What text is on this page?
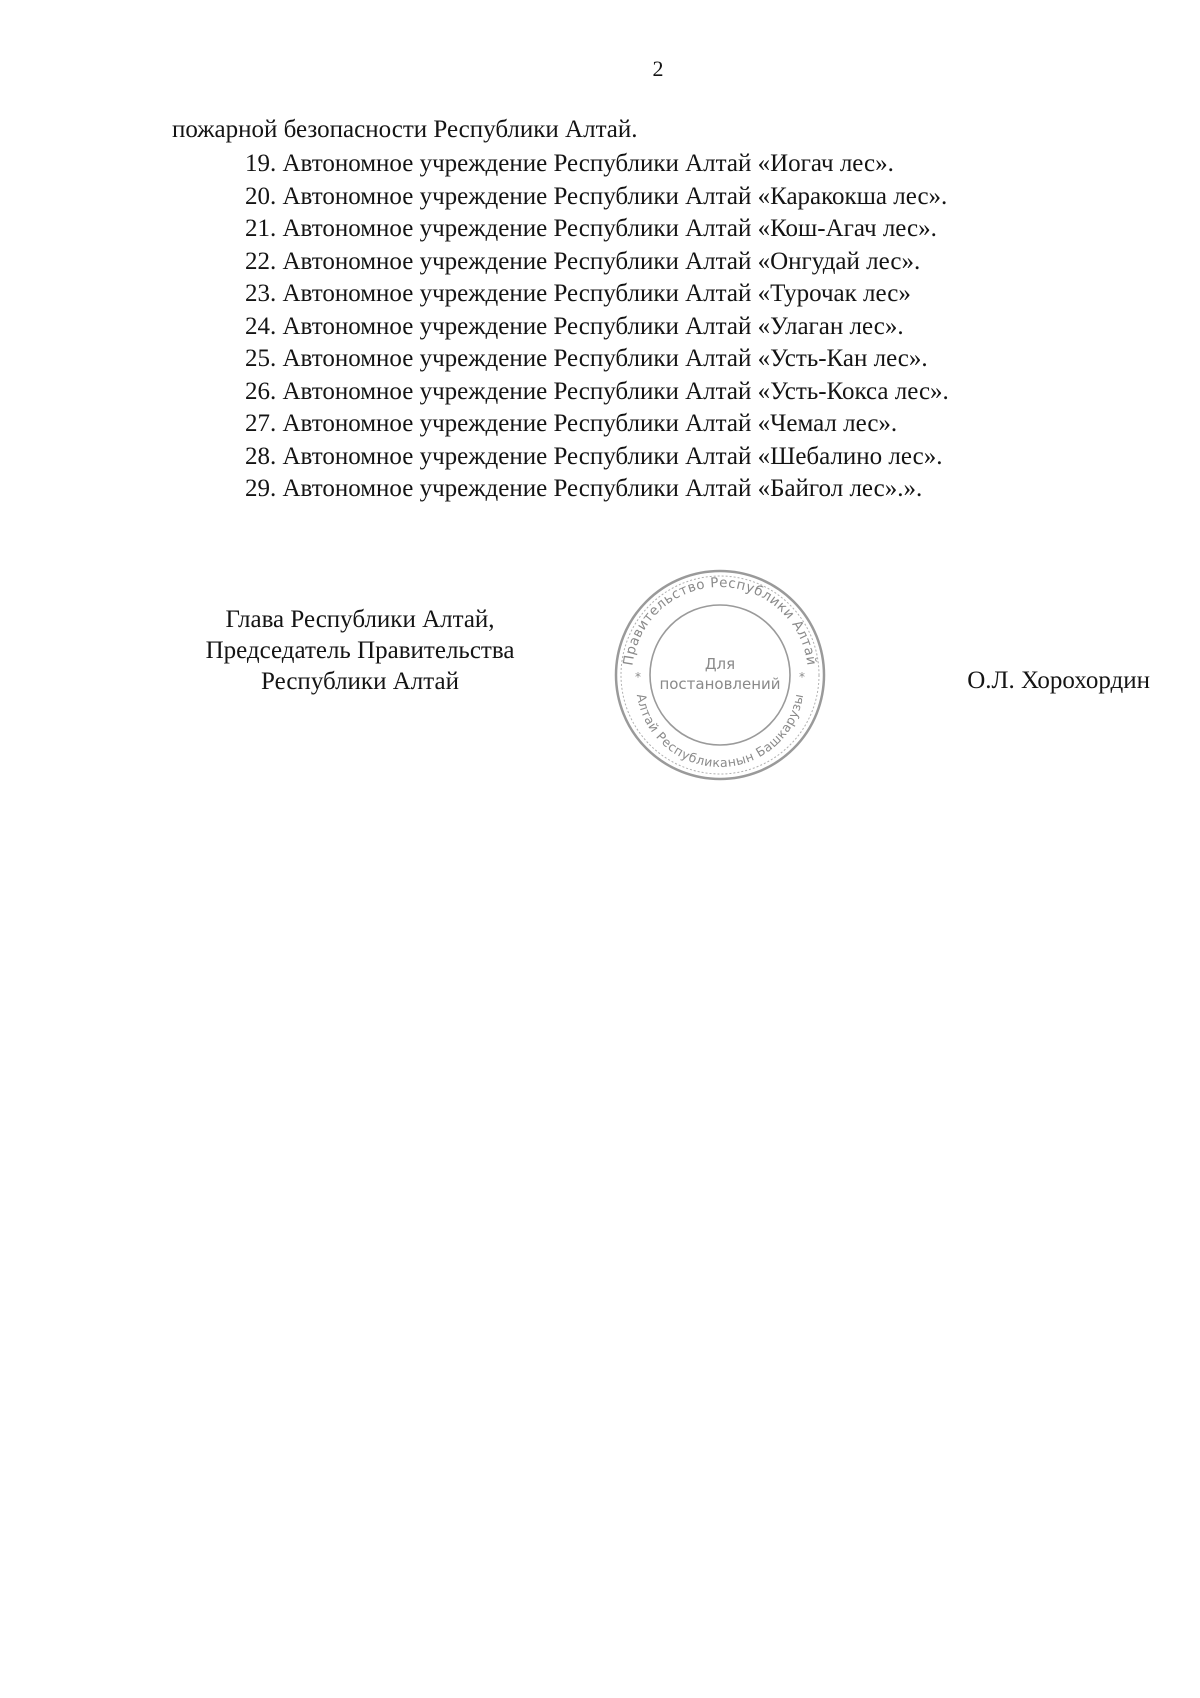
2
пожарной безопасности Республики Алтай.
19. Автономное учреждение Республики Алтай «Иогач лес».
20. Автономное учреждение Республики Алтай «Каракокша лес».
21. Автономное учреждение Республики Алтай «Кош-Агач лес».
22. Автономное учреждение Республики Алтай «Онгудай лес».
23. Автономное учреждение Республики Алтай «Турочак лес»
24. Автономное учреждение Республики Алтай «Улаган лес».
25. Автономное учреждение Республики Алтай «Усть-Кан лес».
26. Автономное учреждение Республики Алтай «Усть-Кокса лес».
27. Автономное учреждение Республики Алтай «Чемал лес».
28. Автономное учреждение Республики Алтай «Шебалино лес».
29. Автономное учреждение Республики Алтай «Байгол лес».».
Глава Республики Алтай,
Председатель Правительства
Республики Алтай
Правительство Республики Алтай
Алтай Республиканын Башкарузы
*	*
Для
постановлений	О.Л. Хорохордин
